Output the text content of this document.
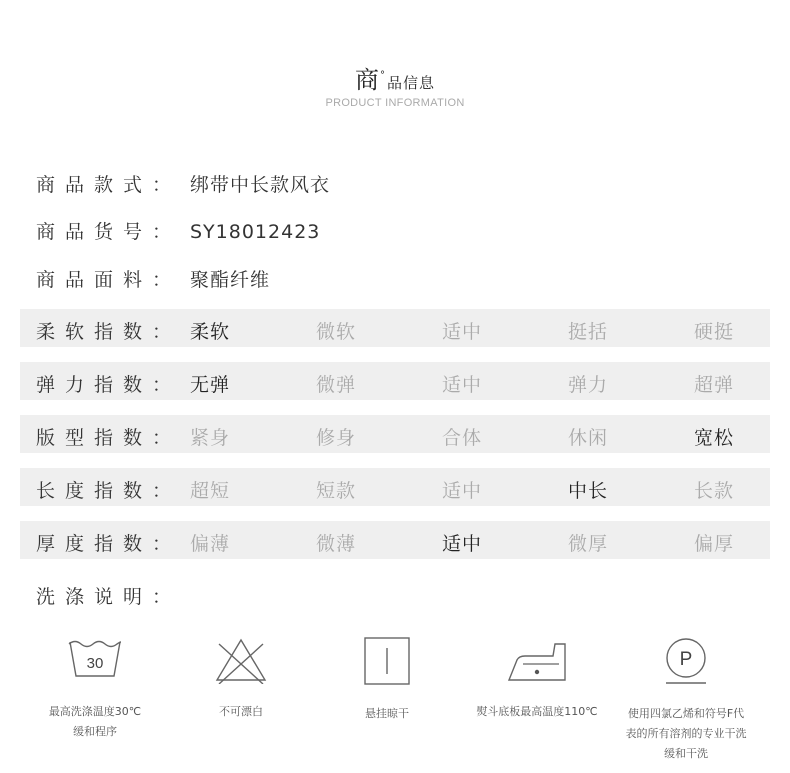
商°品信息
PRODUCT INFORMATION
商品款式： 绑带中长款风衣
商品货号： SY18012423
商品面料： 聚酯纤维
柔软指数： 柔软	微软	适中	挺括	硬挺
弹力指数： 无弹	微弹	适中	弹力	超弹
版型指数： 紧身	修身	合体	休闲	宽松
长度指数： 超短	短款	适中	中长	长款
厚度指数： 偏薄	微薄	适中	微厚	偏厚
洗涤说明：
30
最高洗涤温度30℃
缓和程序
不可漂白	悬挂晾干	熨斗底板最高温度110℃
P
使用四氯乙烯和符号F代
表的所有溶剂的专业干洗
缓和干洗
